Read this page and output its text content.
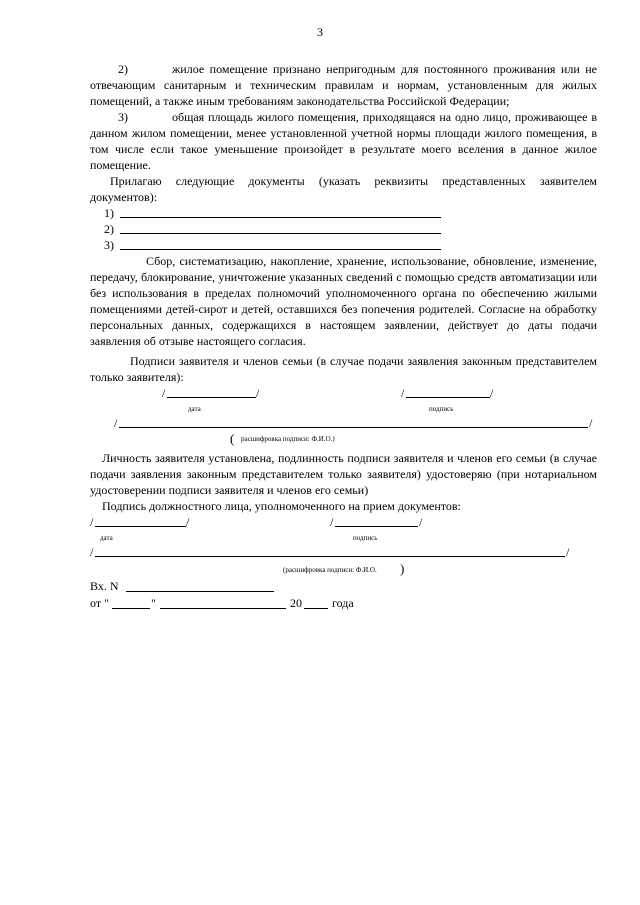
3

2)	жилое помещение признано непригодным для постоянного проживания или не отвечающим санитарным и техническим правилам и нормам, установленным для жилых помещений, а также иным требованиям законодательства Российской Федерации;

3)	общая площадь жилого помещения, приходящаяся на одно лицо, проживающее в данном жилом помещении, менее установленной учетной нормы площади жилого помещения, в том числе если такое уменьшение произойдет в результате моего вселения в данное жилое помещение.

Прилагаю следующие документы (указать реквизиты представленных заявителем документов):

1)
2)
3)

Сбор, систематизацию, накопление, хранение, использование, обновление, изменение, передачу, блокирование, уничтожение указанных сведений с помощью средств автоматизации или без использования в пределах полномочий уполномоченного органа по обеспечению жилыми помещениями детей-сирот и детей, оставшихся без попечения родителей. Согласие на обработку персональных данных, содержащихся в настоящем заявлении, действует до даты подачи заявления об отзыве настоящего согласия.

Подписи заявителя и членов семьи (в случае подачи заявления законным представителем только заявителя):

/	/	/	/
дата	подпись
/	/
( расшифровка подписи: Ф.И.О.)

Личность заявителя установлена, подлинность подписи заявителя и членов его семьи (в случае подачи заявления законным представителем только заявителя) удостоверяю (при нотариальном удостоверении подписи заявителя и членов его семьи)

Подпись должностного лица, уполномоченного на прием документов:

/	/	/	/
дата	подпись
/	/
(расшифровка подписи: Ф.И.О. )
Вх. N
от "	"	20	года
